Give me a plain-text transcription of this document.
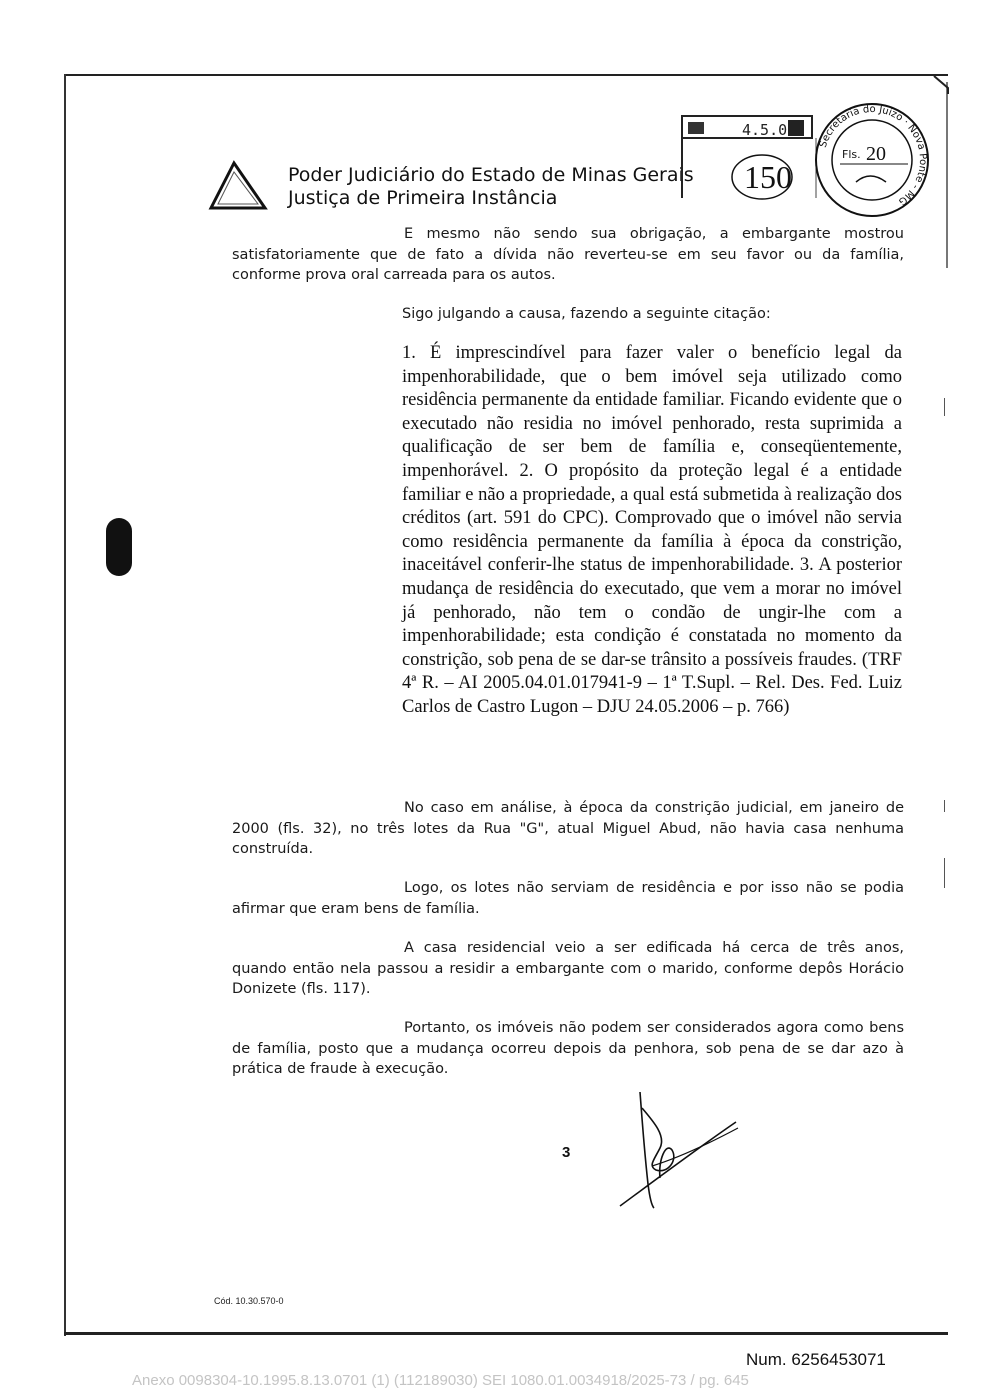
Poder Judiciário do Estado de Minas Gerais
Justiça de Primeira Instância
4.5.0
150
Secretaria do Juízo · Nova Ponte - MG
Fls. 20
E mesmo não sendo sua obrigação, a embargante mostrou satisfatoriamente que de fato a dívida não reverteu-se em seu favor ou da família, conforme prova oral carreada para os autos.
Sigo julgando a causa, fazendo a seguinte citação:
1. É imprescindível para fazer valer o benefício legal da impenhorabilidade, que o bem imóvel seja utilizado como residência permanente da entidade familiar. Ficando evidente que o executado não residia no imóvel penhorado, resta suprimida a qualificação de ser bem de família e, conseqüentemente, impenhorável. 2. O propósito da proteção legal é a entidade familiar e não a propriedade, a qual está submetida à realização dos créditos (art. 591 do CPC). Comprovado que o imóvel não servia como residência permanente da família à época da constrição, inaceitável conferir-lhe status de impenhorabilidade. 3. A posterior mudança de residência do executado, que vem a morar no imóvel já penhorado, não tem o condão de ungir-lhe com a impenhorabilidade; esta condição é constatada no momento da constrição, sob pena de se dar-se trânsito a possíveis fraudes. (TRF 4ª R. – AI 2005.04.01.017941-9 – 1ª T.Supl. – Rel. Des. Fed. Luiz Carlos de Castro Lugon – DJU 24.05.2006 – p. 766)
No caso em análise, à época da constrição judicial, em janeiro de 2000 (fls. 32), no três lotes da Rua "G", atual Miguel Abud, não havia casa nenhuma construída.
Logo, os lotes não serviam de residência e por isso não se podia afirmar que eram bens de família.
A casa residencial veio a ser edificada há cerca de três anos, quando então nela passou a residir a embargante com o marido, conforme depôs Horácio Donizete (fls. 117).
Portanto, os imóveis não podem ser considerados agora como bens de família, posto que a mudança ocorreu depois da penhora, sob pena de se dar azo à prática de fraude à execução.
3
Cód. 10.30.570-0
Num. 6256453071
Anexo 0098304-10.1995.8.13.0701 (1) (112189030) SEI 1080.01.0034918/2025-73 / pg. 645
